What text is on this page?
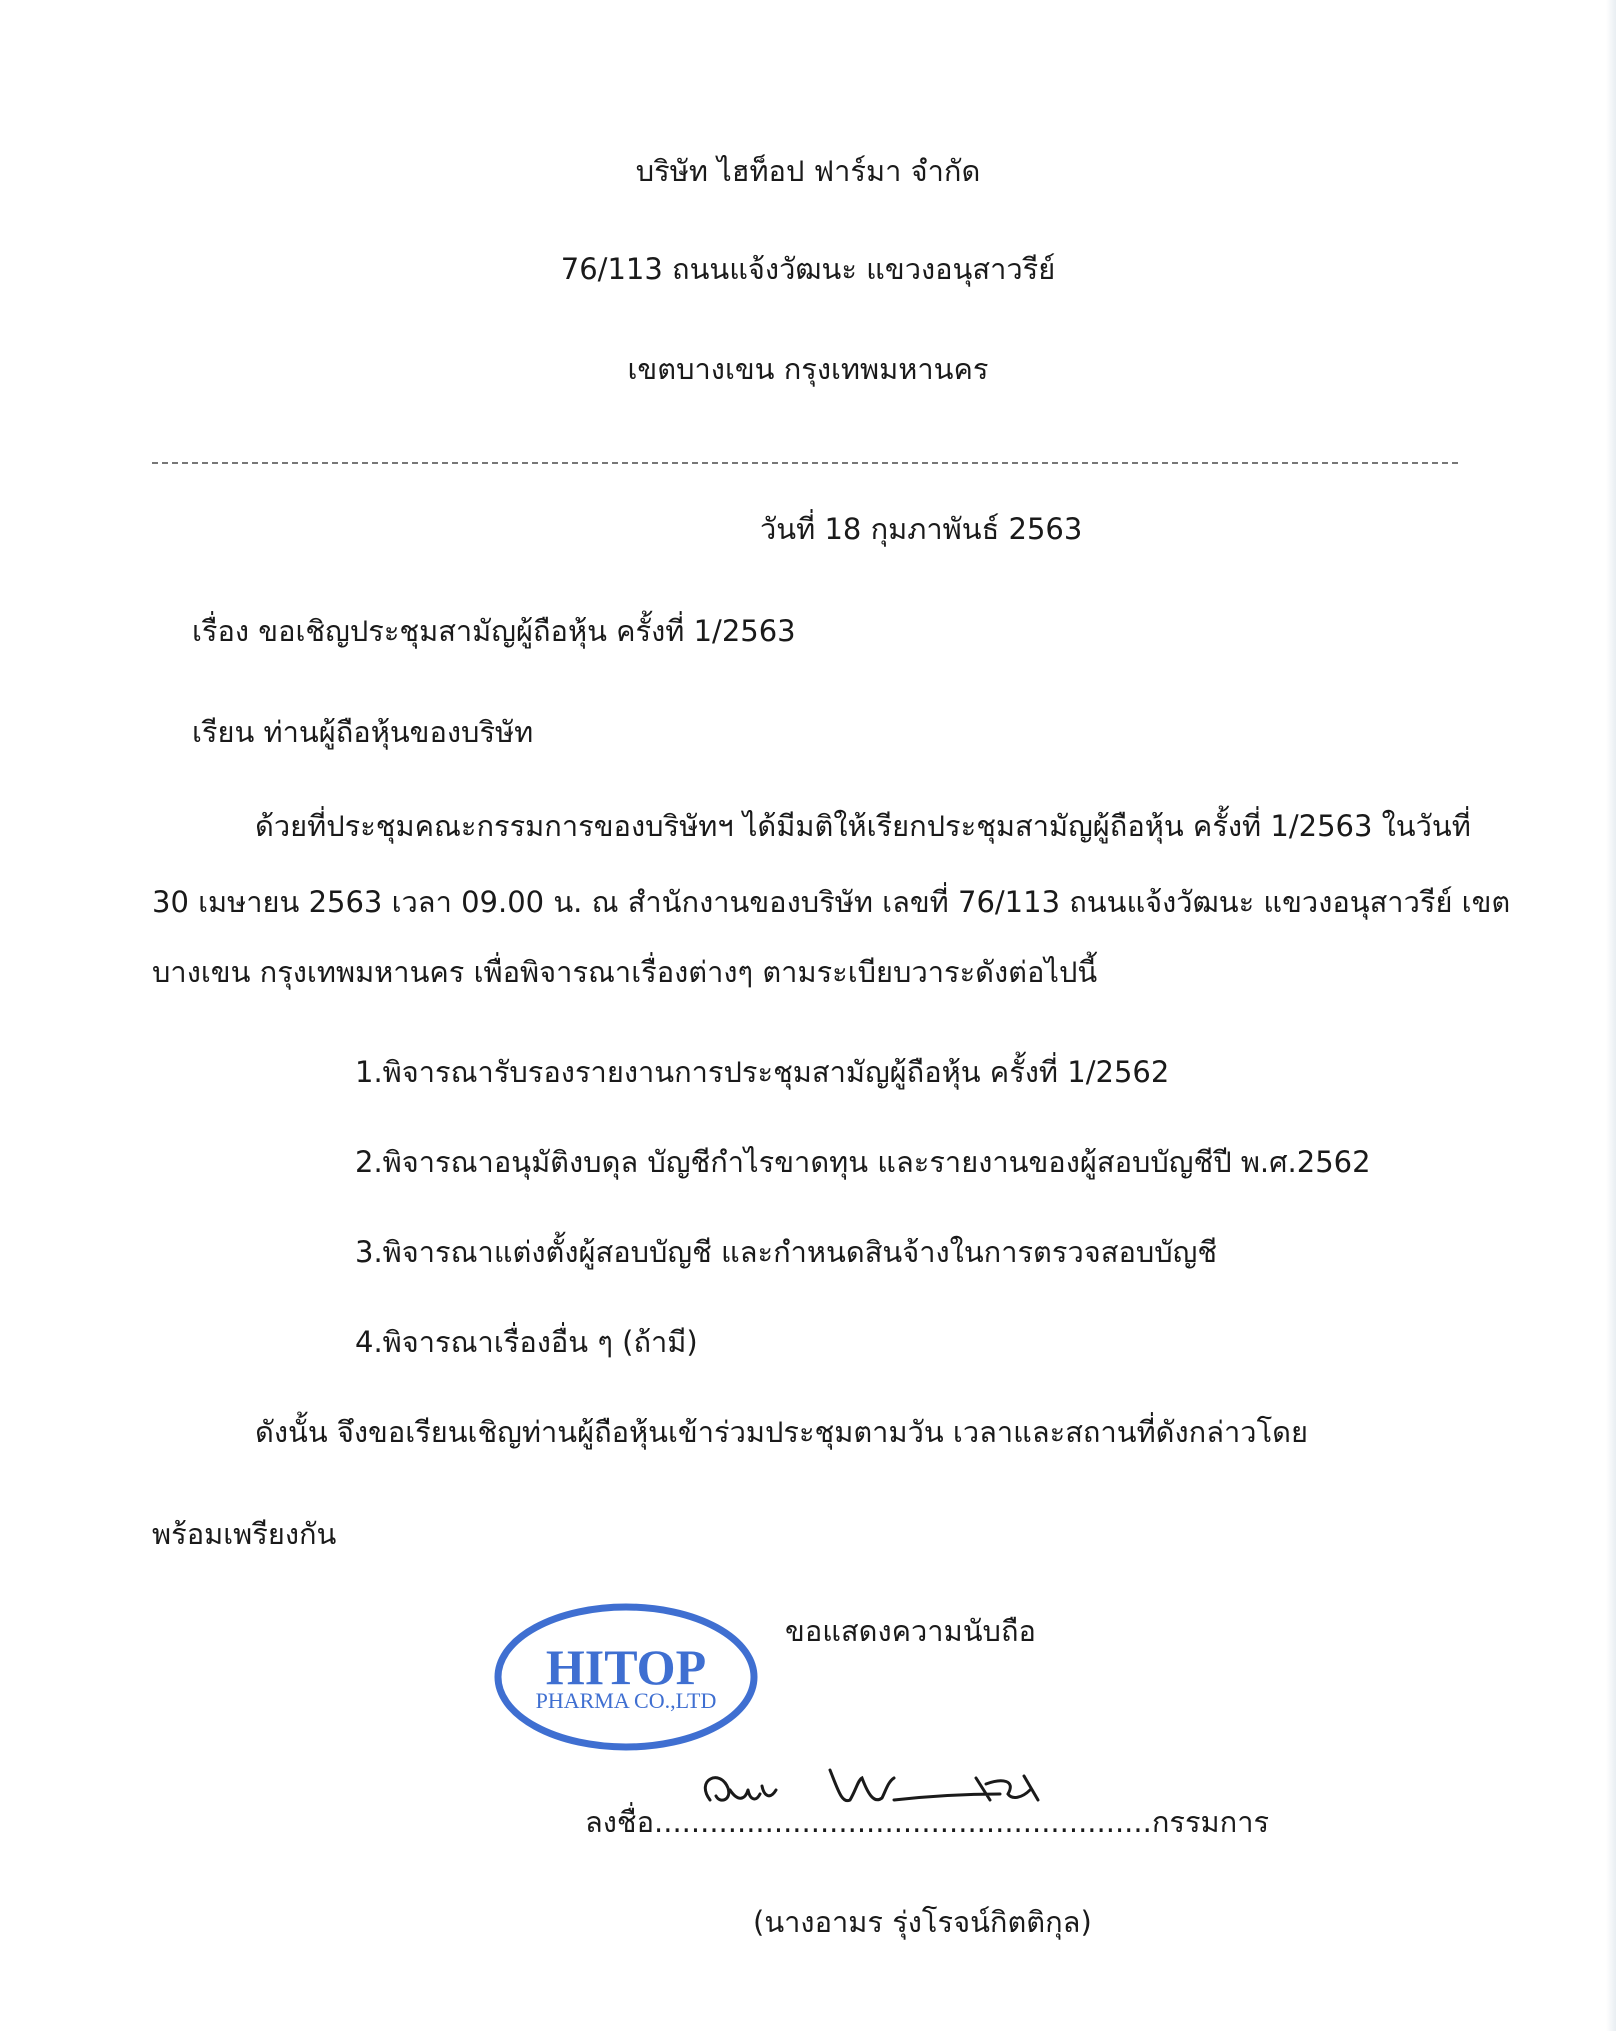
บริษัท ไฮท็อป ฟาร์มา จำกัด
76/113 ถนนแจ้งวัฒนะ แขวงอนุสาวรีย์
เขตบางเขน กรุงเทพมหานคร
วันที่ 18 กุมภาพันธ์ 2563
เรื่อง ขอเชิญประชุมสามัญผู้ถือหุ้น ครั้งที่ 1/2563
เรียน ท่านผู้ถือหุ้นของบริษัท
ด้วยที่ประชุมคณะกรรมการของบริษัทฯ ได้มีมติให้เรียกประชุมสามัญผู้ถือหุ้น ครั้งที่ 1/2563 ในวันที่
30 เมษายน 2563 เวลา 09.00 น. ณ สำนักงานของบริษัท เลขที่ 76/113 ถนนแจ้งวัฒนะ แขวงอนุสาวรีย์ เขต
บางเขน กรุงเทพมหานคร เพื่อพิจารณาเรื่องต่างๆ ตามระเบียบวาระดังต่อไปนี้
1.พิจารณารับรองรายงานการประชุมสามัญผู้ถือหุ้น ครั้งที่ 1/2562
2.พิจารณาอนุมัติงบดุล บัญชีกำไรขาดทุน และรายงานของผู้สอบบัญชีปี พ.ศ.2562
3.พิจารณาแต่งตั้งผู้สอบบัญชี และกำหนดสินจ้างในการตรวจสอบบัญชี
4.พิจารณาเรื่องอื่น ๆ (ถ้ามี)
ดังนั้น จึงขอเรียนเชิญท่านผู้ถือหุ้นเข้าร่วมประชุมตามวัน เวลาและสถานที่ดังกล่าวโดย
พร้อมเพรียงกัน
ขอแสดงความนับถือ
HITOP
PHARMA CO.,LTD
ลงชื่อ......................................................กรรมการ
(นางอามร รุ่งโรจน์กิตติกุล)
